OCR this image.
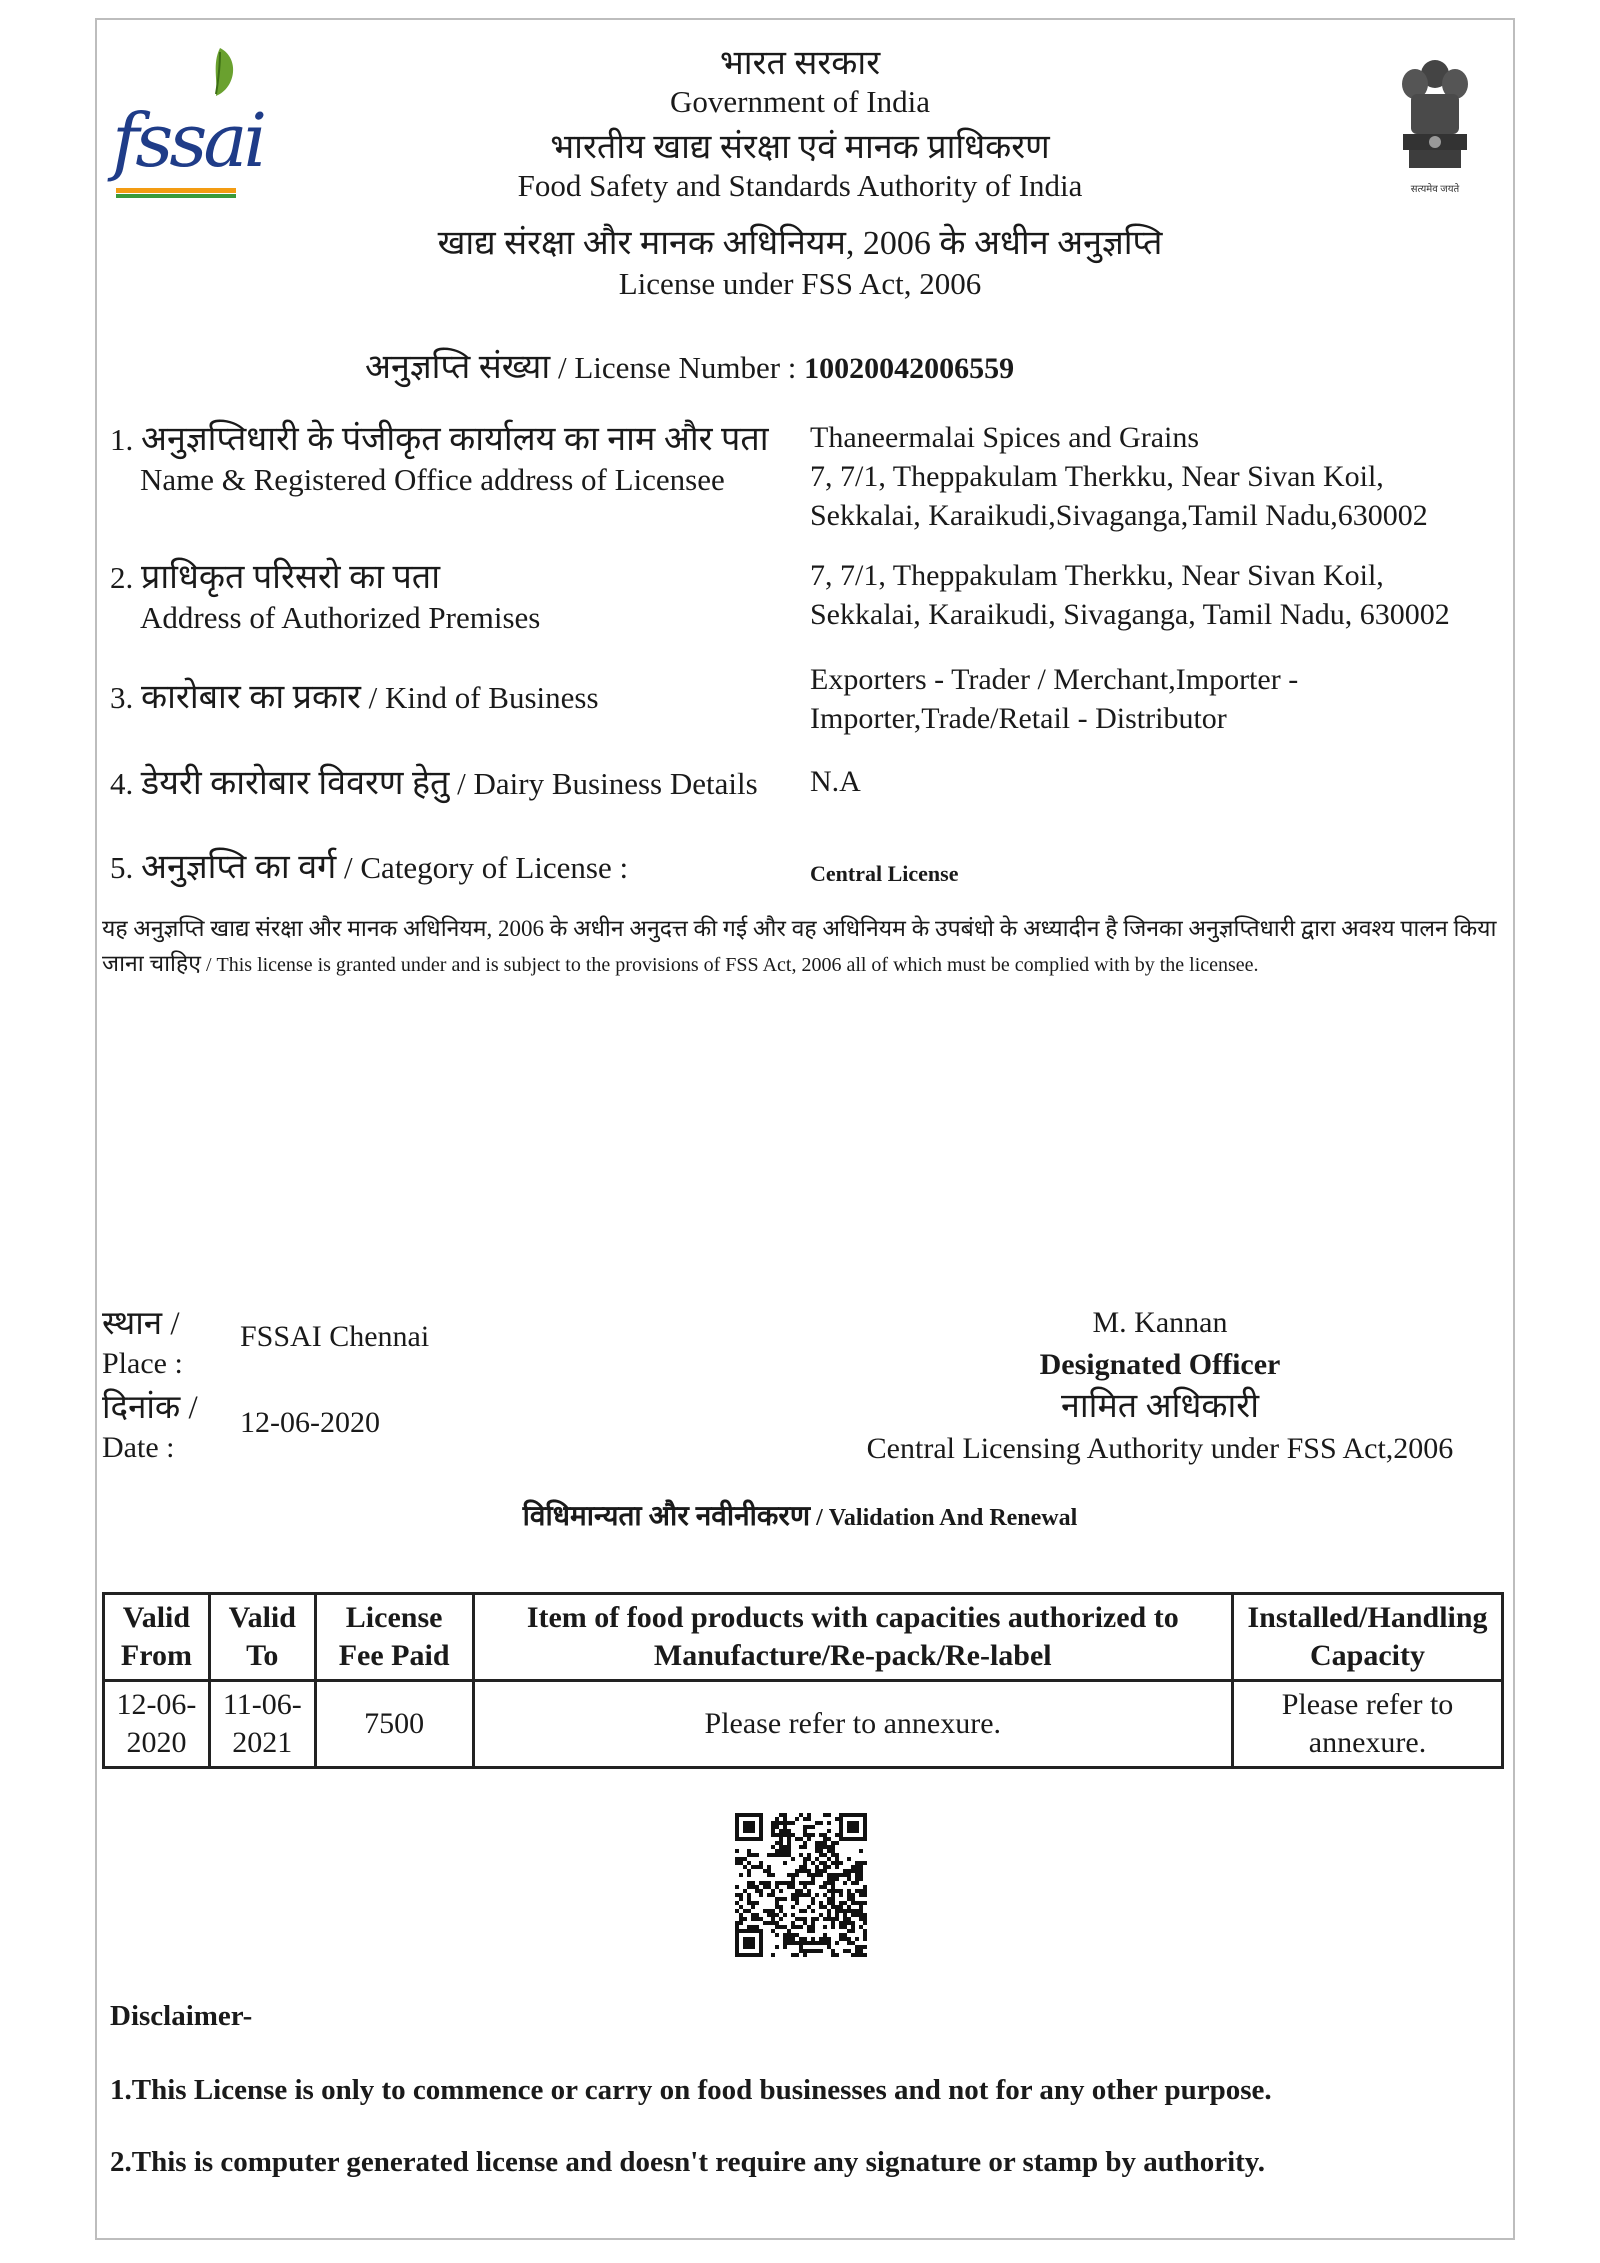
fssai
सत्यमेव जयते
भारत सरकार
Government of India
भारतीय खाद्य संरक्षा एवं मानक प्राधिकरण
Food Safety and Standards Authority of India
खाद्य संरक्षा और मानक अधिनियम, 2006 के अधीन अनुज्ञप्ति
License under FSS Act, 2006
अनुज्ञप्ति संख्या / License Number : 10020042006559
1. अनुज्ञप्तिधारी के पंजीकृत कार्यालय का नाम और पता
Name & Registered Office address of Licensee
Thaneermalai Spices and Grains
7, 7/1, Theppakulam Therkku, Near Sivan Koil,
Sekkalai, Karaikudi,Sivaganga,Tamil Nadu,630002
2. प्राधिकृत परिसरो का पता
Address of Authorized Premises
7, 7/1, Theppakulam Therkku, Near Sivan Koil,
Sekkalai, Karaikudi, Sivaganga, Tamil Nadu, 630002
3. कारोबार का प्रकार / Kind of Business
Exporters - Trader / Merchant,Importer -
Importer,Trade/Retail - Distributor
4. डेयरी कारोबार विवरण हेतु / Dairy Business Details N.A
5. अनुज्ञप्ति का वर्ग / Category of License :	Central License
यह अनुज्ञप्ति खाद्य संरक्षा और मानक अधिनियम, 2006 के अधीन अनुदत्त की गई और वह अधिनियम के उपबंधो के अध्यादीन है जिनका अनुज्ञप्तिधारी द्वारा अवश्य पालन किया जाना चाहिए / This license is granted under and is subject to the provisions of FSS Act, 2006 all of which must be complied with by the licensee.
स्थान /
Place :
FSSAI Chennai
दिनांक /
Date :
12-06-2020
M. Kannan
Designated Officer
नामित अधिकारी
Central Licensing Authority under FSS Act,2006
विधिमान्यता और नवीनीकरण / Validation And Renewal
Valid From	Valid To	License Fee Paid	Item of food products with capacities authorized to Manufacture/Re-pack/Re-label	Installed/Handling Capacity
12-06-2020	11-06-2021	7500	Please refer to annexure.	Please refer to annexure.
Disclaimer-
1.This License is only to commence or carry on food businesses and not for any other purpose.
2.This is computer generated license and doesn't require any signature or stamp by authority.
